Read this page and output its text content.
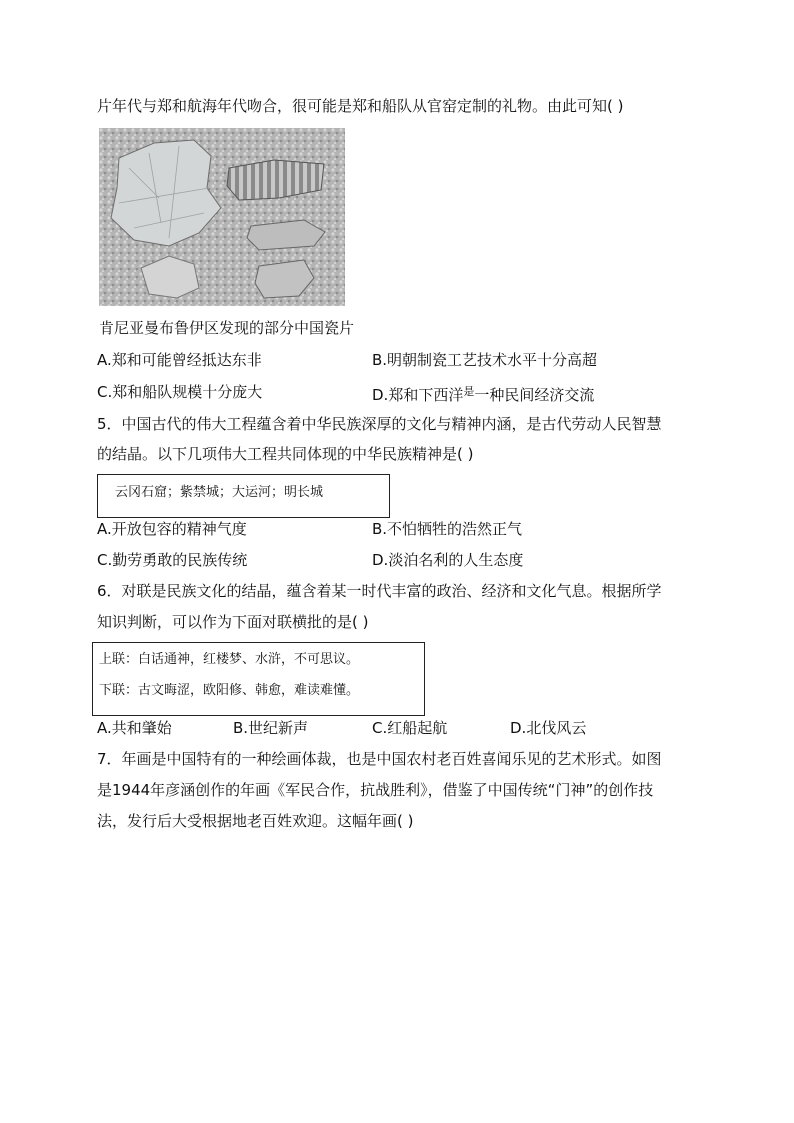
片年代与郑和航海年代吻合，很可能是郑和船队从官窑定制的礼物。由此可知( )
肯尼亚曼布鲁伊区发现的部分中国瓷片
A.郑和可能曾经抵达东非	B.明朝制瓷工艺技术水平十分高超
C.郑和船队规模十分庞大	D.郑和下西洋$^是$一种民间经济交流
5．中国古代的伟大工程蕴含着中华民族深厚的文化与精神内涵，是古代劳动人民智慧
的结晶。以下几项伟大工程共同体现的中华民族精神是( )
云冈石窟；紫禁城；大运河；明长城
A.开放包容的精神气度	B.不怕牺牲的浩然正气
C.勤劳勇敢的民族传统	D.淡泊名利的人生态度
6．对联是民族文化的结晶，蕴含着某一时代丰富的政治、经济和文化气息。根据所学
知识判断，可以作为下面对联横批的是( )
上联：白话通神，红楼梦、水浒，不可思议。
下联：古文晦涩，欧阳修、韩愈，难读难懂。
A.共和肇始	B.世纪新声	C.红船起航	D.北伐风云
7．年画是中国特有的一种绘画体裁，也是中国农村老百姓喜闻乐见的艺术形式。如图
是1944年彦涵创作的年画《军民合作，抗战胜利》，借鉴了中国传统“门神”的创作技
法，发行后大受根据地老百姓欢迎。这幅年画( )
